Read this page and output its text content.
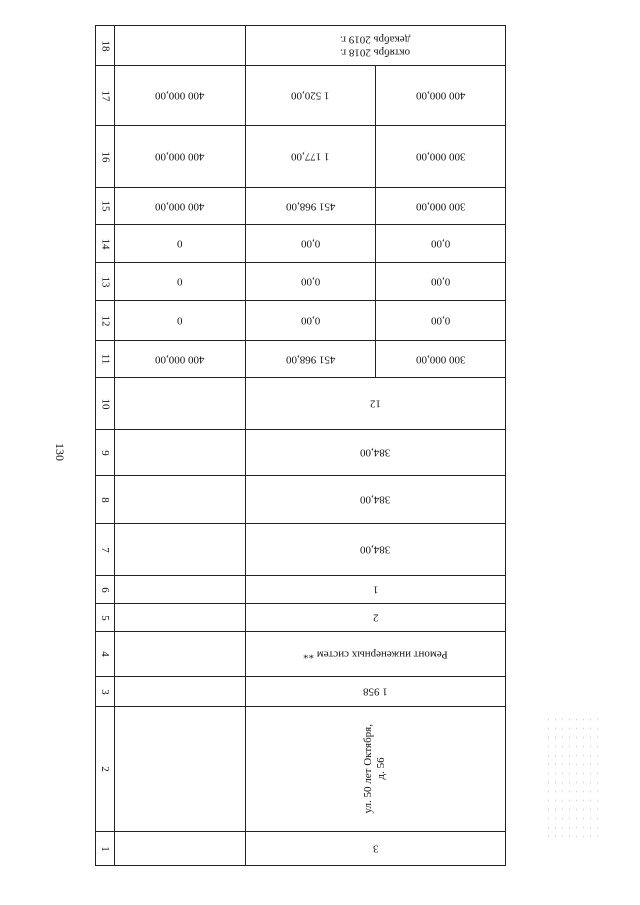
130
18		октябрь 2018 г.
декабрь 2019 г.	

17	400 000,00	1 520,00	400 000,00

16	400 000,00	1 177,00	300 000,00

15	400 000,00	451 968,00	300 000,00

14	0	0,00	0,00

13	0	0,00	0,00

12	0	0,00	0,00

11	400 000,00	451 968,00	300 000,00

10		12	

9		384,00	

8		384,00	

7		384,00	

6		1	

5		2	

4		Ремонт инженерных систем **	

3		1 958	

2		ул. 50 лет Октября,
д. 56	

1		3	
